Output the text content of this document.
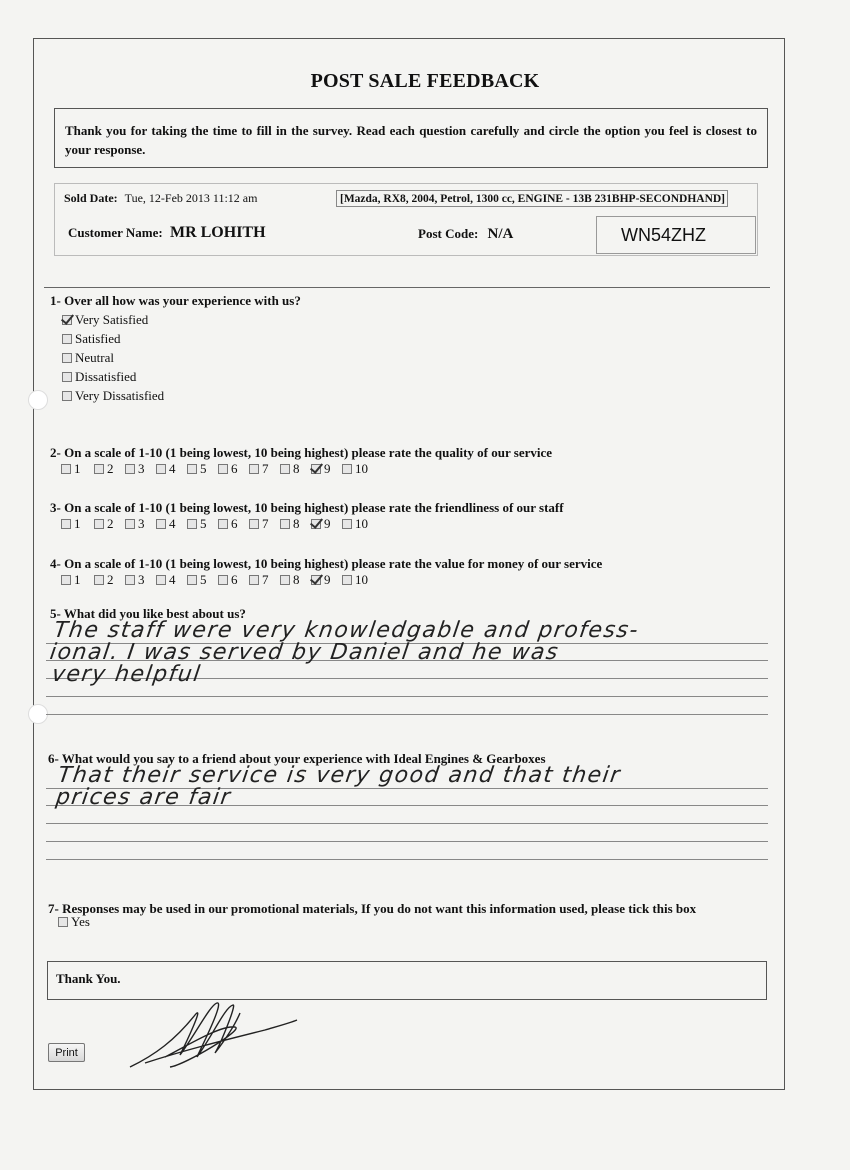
POST SALE FEEDBACK
Thank you for taking the time to fill in the survey. Read each question carefully and circle the option you feel is closest to your response.
Sold Date: Tue, 12-Feb 2013 11:12 am	[Mazda, RX8, 2004, Petrol, 1300 cc, ENGINE - 13B 231BHP-SECONDHAND]
Customer Name: MR LOHITH	Post Code: N/A	WN54ZHZ
1- Over all how was your experience with us?
Very Satisfied
Satisfied
Neutral
Dissatisfied
Very Dissatisfied
2- On a scale of 1-10 (1 being lowest, 10 being highest) please rate the quality of our service
1 2 3 4 5 6 7 8 9 10
3- On a scale of 1-10 (1 being lowest, 10 being highest) please rate the friendliness of our staff
1 2 3 4 5 6 7 8 9 10
4- On a scale of 1-10 (1 being lowest, 10 being highest) please rate the value for money of our service
1 2 3 4 5 6 7 8 9 10
5- What did you like best about us?
The staff were very knowledgable and profess-
ional. I was served by Daniel and he was
very helpful
6- What would you say to a friend about your experience with Ideal Engines & Gearboxes
That their service is very good and that their
prices are fair
7- Responses may be used in our promotional materials, If you do not want this information used, please tick this box
Yes
Thank You.
Print
